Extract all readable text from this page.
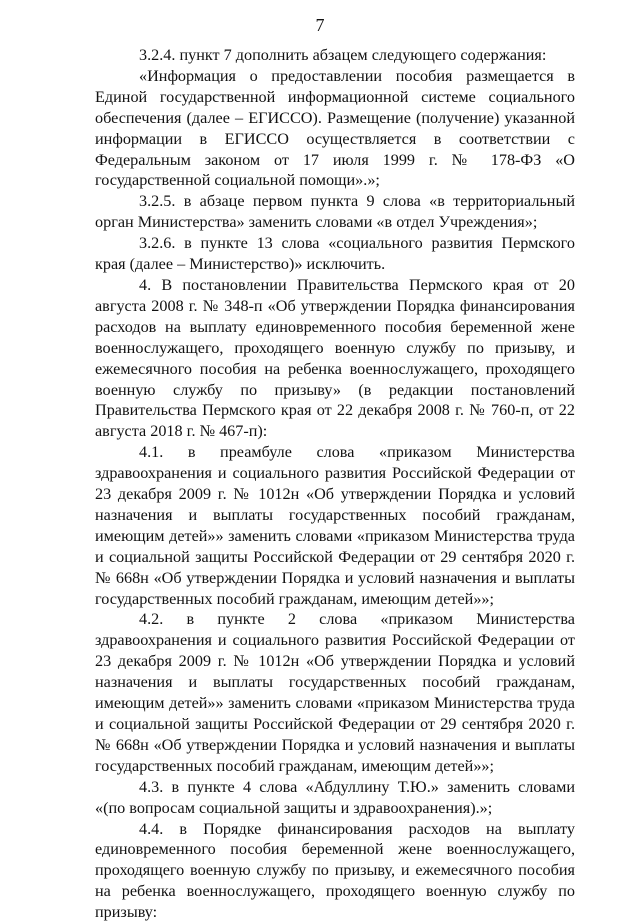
7

3.2.4. пункт 7 дополнить абзацем следующего содержания:

«Информация о предоставлении пособия размещается в Единой государственной информационной системе социального обеспечения (далее – ЕГИССО). Размещение (получение) указанной информации в ЕГИССО осуществляется в соответствии с Федеральным законом от 17 июля 1999 г. № 178-ФЗ «О государственной социальной помощи».»;

3.2.5. в абзаце первом пункта 9 слова «в территориальный орган Министерства» заменить словами «в отдел Учреждения»;

3.2.6. в пункте 13 слова «социального развития Пермского края (далее – Министерство)» исключить.

4. В постановлении Правительства Пермского края от 20 августа 2008 г. № 348-п «Об утверждении Порядка финансирования расходов на выплату единовременного пособия беременной жене военнослужащего, проходящего военную службу по призыву, и ежемесячного пособия на ребенка военнослужащего, проходящего военную службу по призыву» (в редакции постановлений Правительства Пермского края от 22 декабря 2008 г. № 760-п, от 22 августа 2018 г. № 467-п):

4.1. в преамбуле слова «приказом Министерства здравоохранения и социального развития Российской Федерации от 23 декабря 2009 г. № 1012н «Об утверждении Порядка и условий назначения и выплаты государственных пособий гражданам, имеющим детей»» заменить словами «приказом Министерства труда и социальной защиты Российской Федерации от 29 сентября 2020 г. № 668н «Об утверждении Порядка и условий назначения и выплаты государственных пособий гражданам, имеющим детей»»;

4.2. в пункте 2 слова «приказом Министерства здравоохранения и социального развития Российской Федерации от 23 декабря 2009 г. № 1012н «Об утверждении Порядка и условий назначения и выплаты государственных пособий гражданам, имеющим детей»» заменить словами «приказом Министерства труда и социальной защиты Российской Федерации от 29 сентября 2020 г. № 668н «Об утверждении Порядка и условий назначения и выплаты государственных пособий гражданам, имеющим детей»»;

4.3. в пункте 4 слова «Абдуллину Т.Ю.» заменить словами «(по вопросам социальной защиты и здравоохранения).»;

4.4. в Порядке финансирования расходов на выплату единовременного пособия беременной жене военнослужащего, проходящего военную службу по призыву, и ежемесячного пособия на ребенка военнослужащего, проходящего военную службу по призыву:
